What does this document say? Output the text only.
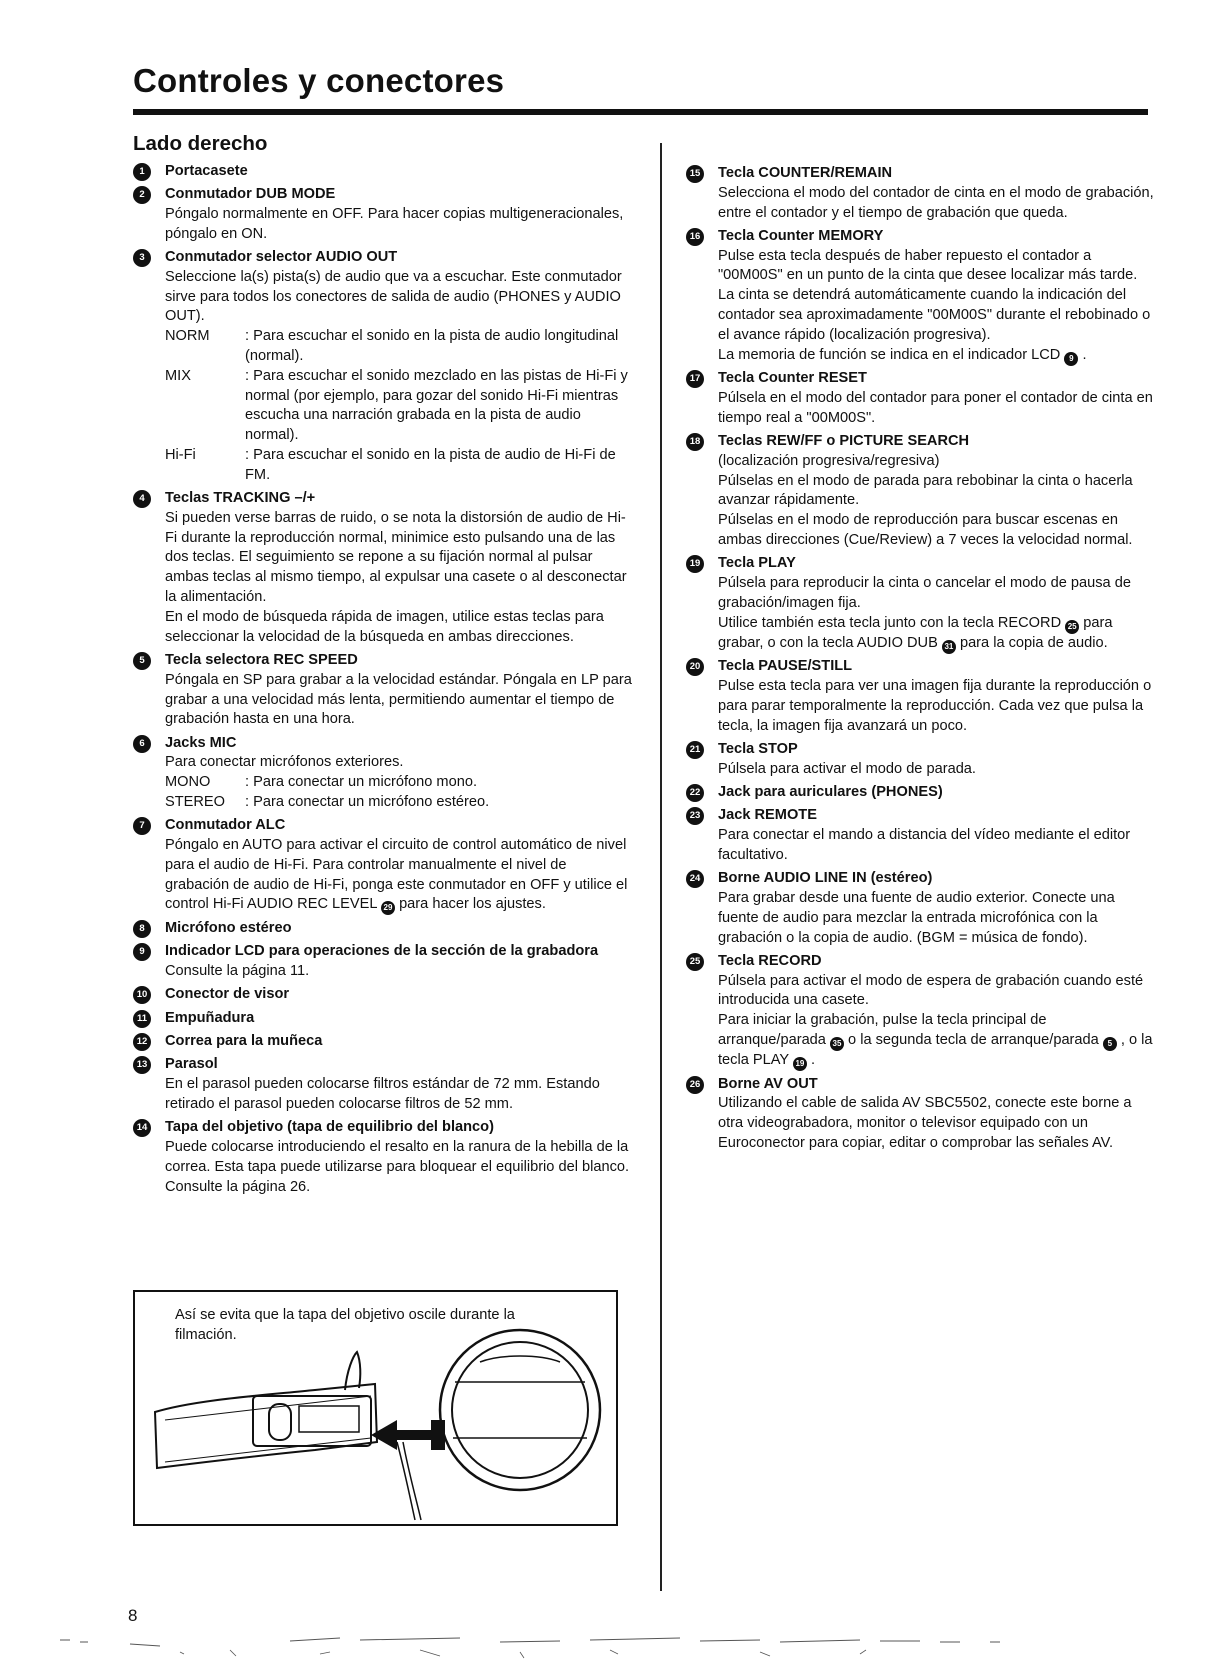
Controles y conectores
Lado derecho
1	Portacasete
2	Conmutador DUB MODE
Póngalo normalmente en OFF. Para hacer copias multigeneracionales, póngalo en ON.
3	Conmutador selector AUDIO OUT
Seleccione la(s) pista(s) de audio que va a escuchar. Este conmutador sirve para todos los conectores de salida de audio (PHONES y AUDIO OUT).
NORM	: Para escuchar el sonido en la pista de audio longitudinal (normal).
MIX	: Para escuchar el sonido mezclado en las pistas de Hi-Fi y normal (por ejemplo, para gozar del sonido Hi-Fi mientras escucha una narración grabada en la pista de audio normal).
Hi-Fi	: Para escuchar el sonido en la pista de audio de Hi-Fi de FM.
4	Teclas TRACKING –/+
Si pueden verse barras de ruido, o se nota la distorsión de audio de Hi-Fi durante la reproducción normal, minimice esto pulsando una de las dos teclas. El seguimiento se repone a su fijación normal al pulsar ambas teclas al mismo tiempo, al expulsar una casete o al desconectar la alimentación.
En el modo de búsqueda rápida de imagen, utilice estas teclas para seleccionar la velocidad de la búsqueda en ambas direcciones.
5	Tecla selectora REC SPEED
Póngala en SP para grabar a la velocidad estándar. Póngala en LP para grabar a una velocidad más lenta, permitiendo aumentar el tiempo de grabación hasta en una hora.
6	Jacks MIC
Para conectar micrófonos exteriores.
MONO	: Para conectar un micrófono mono.
STEREO	: Para conectar un micrófono estéreo.
7	Conmutador ALC
Póngalo en AUTO para activar el circuito de control automático de nivel para el audio de Hi-Fi. Para controlar manualmente el nivel de grabación de audio de Hi-Fi, ponga este conmutador en OFF y utilice el control Hi-Fi AUDIO REC LEVEL 29 para hacer los ajustes.
8	Micrófono estéreo
9	Indicador LCD para operaciones de la sección de la grabadora
Consulte la página 11.
10 Conector de visor
11 Empuñadura
12 Correa para la muñeca
13 Parasol
En el parasol pueden colocarse filtros estándar de 72 mm. Estando retirado el parasol pueden colocarse filtros de 52 mm.
14 Tapa del objetivo (tapa de equilibrio del blanco)
Puede colocarse introduciendo el resalto en la ranura de la hebilla de la correa. Esta tapa puede utilizarse para bloquear el equilibrio del blanco. Consulte la página 26.
15 Tecla COUNTER/REMAIN
Selecciona el modo del contador de cinta en el modo de grabación, entre el contador y el tiempo de grabación que queda.
16 Tecla Counter MEMORY
Pulse esta tecla después de haber repuesto el contador a "00M00S" en un punto de la cinta que desee localizar más tarde. La cinta se detendrá automáticamente cuando la indicación del contador sea aproximadamente "00M00S" durante el rebobinado o el avance rápido (localización progresiva).
La memoria de función se indica en el indicador LCD 9 .
17 Tecla Counter RESET
Púlsela en el modo del contador para poner el contador de cinta en tiempo real a "00M00S".
18 Teclas REW/FF o PICTURE SEARCH
(localización progresiva/regresiva)
Púlselas en el modo de parada para rebobinar la cinta o hacerla avanzar rápidamente.
Púlselas en el modo de reproducción para buscar escenas en ambas direcciones (Cue/Review) a 7 veces la velocidad normal.
19 Tecla PLAY
Púlsela para reproducir la cinta o cancelar el modo de pausa de grabación/imagen fija.
Utilice también esta tecla junto con la tecla RECORD 25 para grabar, o con la tecla AUDIO DUB 31 para la copia de audio.
20 Tecla PAUSE/STILL
Pulse esta tecla para ver una imagen fija durante la reproducción o para parar temporalmente la reproducción. Cada vez que pulsa la tecla, la imagen fija avanzará un poco.
21 Tecla STOP
Púlsela para activar el modo de parada.
22 Jack para auriculares (PHONES)
23 Jack REMOTE
Para conectar el mando a distancia del vídeo mediante el editor facultativo.
24 Borne AUDIO LINE IN (estéreo)
Para grabar desde una fuente de audio exterior. Conecte una fuente de audio para mezclar la entrada microfónica con la grabación o la copia de audio. (BGM = música de fondo).
25 Tecla RECORD
Púlsela para activar el modo de espera de grabación cuando esté introducida una casete.
Para iniciar la grabación, pulse la tecla principal de arranque/parada 35 o la segunda tecla de arranque/parada 5 , o la tecla PLAY 19 .
26 Borne AV OUT
Utilizando el cable de salida AV SBC5502, conecte este borne a otra videograbadora, monitor o televisor equipado con un Euroconector para copiar, editar o comprobar las señales AV.
Así se evita que la tapa del objetivo oscile durante la filmación.
8
